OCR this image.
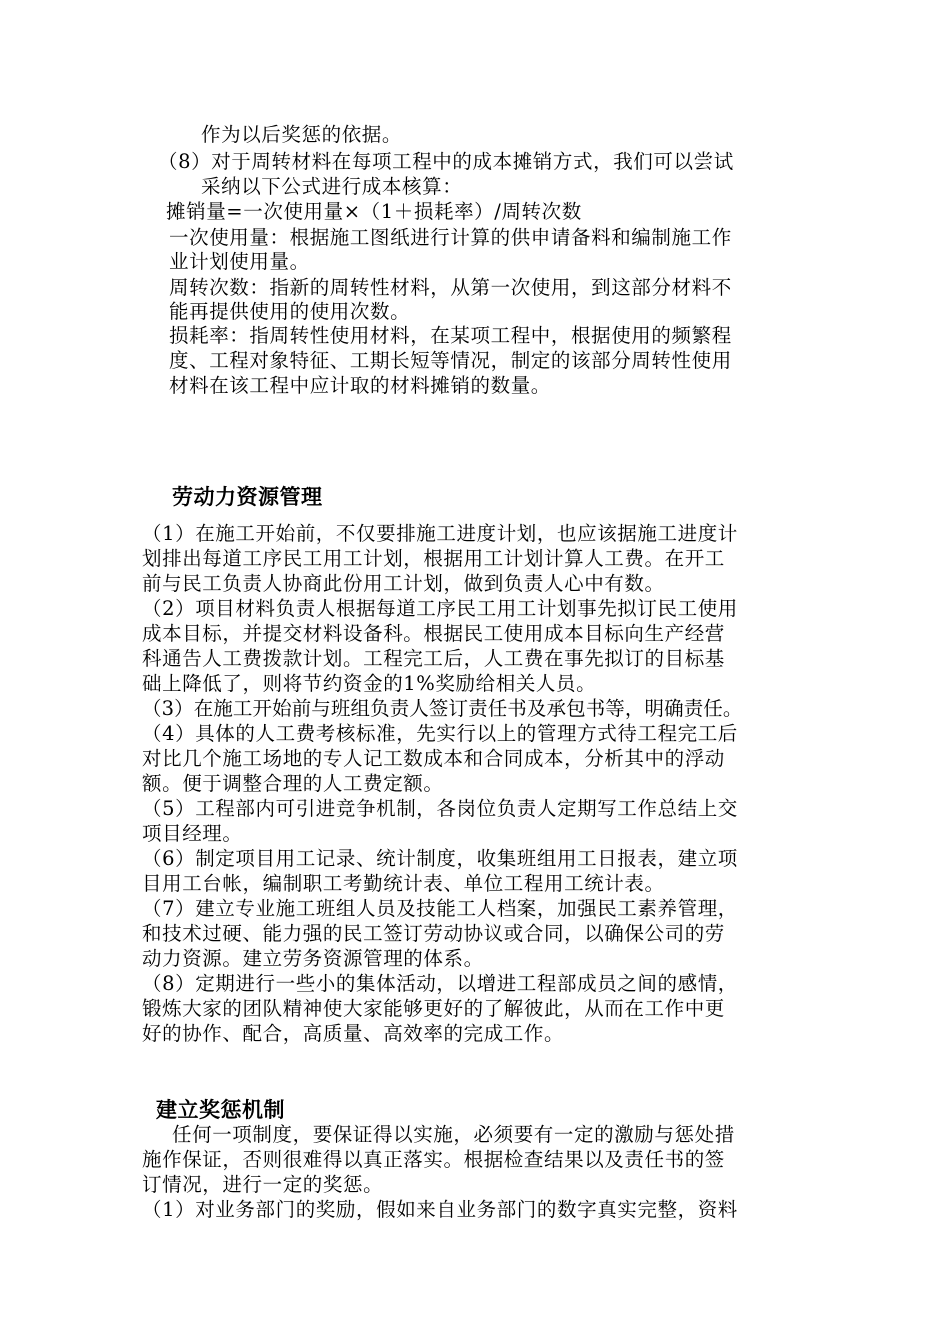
作为以后奖惩的依据。
（8）对于周转材料在每项工程中的成本摊销方式，我们可以尝试
采纳以下公式进行成本核算：
摊销量=一次使用量×（1＋损耗率）/周转次数
一次使用量：根据施工图纸进行计算的供申请备料和编制施工作
业计划使用量。
周转次数：指新的周转性材料，从第一次使用，到这部分材料不
能再提供使用的使用次数。
损耗率：指周转性使用材料，在某项工程中，根据使用的频繁程
度、工程对象特征、工期长短等情况，制定的该部分周转性使用
材料在该工程中应计取的材料摊销的数量。
劳动力资源管理
（1）在施工开始前，不仅要排施工进度计划，也应该据施工进度计
划排出每道工序民工用工计划，根据用工计划计算人工费。在开工
前与民工负责人协商此份用工计划，做到负责人心中有数。
（2）项目材料负责人根据每道工序民工用工计划事先拟订民工使用
成本目标，并提交材料设备科。根据民工使用成本目标向生产经营
科通告人工费拨款计划。工程完工后，人工费在事先拟订的目标基
础上降低了，则将节约资金的1%奖励给相关人员。
（3）在施工开始前与班组负责人签订责任书及承包书等，明确责任。
（4）具体的人工费考核标准，先实行以上的管理方式待工程完工后
对比几个施工场地的专人记工数成本和合同成本，分析其中的浮动
额。便于调整合理的人工费定额。
（5）工程部内可引进竞争机制，各岗位负责人定期写工作总结上交
项目经理。
（6）制定项目用工记录、统计制度，收集班组用工日报表，建立项
目用工台帐，编制职工考勤统计表、单位工程用工统计表。
（7）建立专业施工班组人员及技能工人档案，加强民工素养管理，
和技术过硬、能力强的民工签订劳动协议或合同，以确保公司的劳
动力资源。建立劳务资源管理的体系。
（8）定期进行一些小的集体活动，以增进工程部成员之间的感情，
锻炼大家的团队精神使大家能够更好的了解彼此，从而在工作中更
好的协作、配合，高质量、高效率的完成工作。
建立奖惩机制
任何一项制度，要保证得以实施，必须要有一定的激励与惩处措
施作保证，否则很难得以真正落实。根据检查结果以及责任书的签
订情况，进行一定的奖惩。
（1）对业务部门的奖励，假如来自业务部门的数字真实完整，资料
